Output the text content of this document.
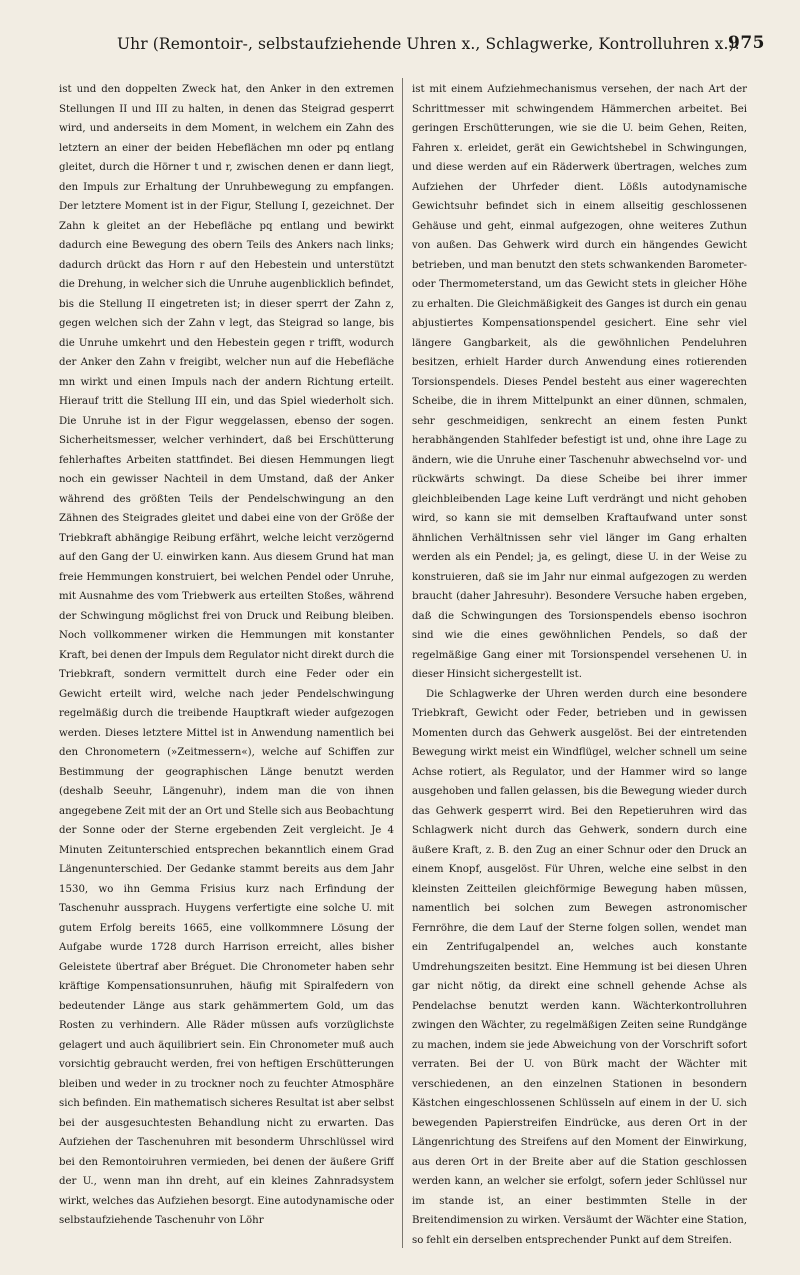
Uhr (Remontoir-, selbstaufziehende Uhren x., Schlagwerke, Kontrolluhren x.).
975

ist und den doppelten Zweck hat, den Anker in den extremen Stellungen II und III zu halten, in denen das Steigrad gesperrt wird, und anderseits in dem Moment, in welchem ein Zahn des letztern an einer der beiden Hebeflächen mn oder pq entlang gleitet, durch die Hörner t und r, zwischen denen er dann liegt, den Impuls zur Erhaltung der Unruhbewegung zu empfangen. Der letztere Moment ist in der Figur, Stellung I, gezeichnet. Der Zahn k gleitet an der Hebefläche pq entlang und bewirkt dadurch eine Bewegung des obern Teils des Ankers nach links; dadurch drückt das Horn r auf den Hebestein und unterstützt die Drehung, in welcher sich die Unruhe augenblicklich befindet, bis die Stellung II eingetreten ist; in dieser sperrt der Zahn z, gegen welchen sich der Zahn v legt, das Steigrad so lange, bis die Unruhe umkehrt und den Hebestein gegen r trifft, wodurch der Anker den Zahn v freigibt, welcher nun auf die Hebefläche mn wirkt und einen Impuls nach der andern Richtung erteilt. Hierauf tritt die Stellung III ein, und das Spiel wiederholt sich. Die Unruhe ist in der Figur weggelassen, ebenso der sogen. Sicherheitsmesser, welcher verhindert, daß bei Erschütterung fehlerhaftes Arbeiten stattfindet. Bei diesen Hemmungen liegt noch ein gewisser Nachteil in dem Umstand, daß der Anker während des größten Teils der Pendelschwingung an den Zähnen des Steigrades gleitet und dabei eine von der Größe der Triebkraft abhängige Reibung erfährt, welche leicht verzögernd auf den Gang der U. einwirken kann. Aus diesem Grund hat man freie Hemmungen konstruiert, bei welchen Pendel oder Unruhe, mit Ausnahme des vom Triebwerk aus erteilten Stoßes, während der Schwingung möglichst frei von Druck und Reibung bleiben. Noch vollkommener wirken die Hemmungen mit konstanter Kraft, bei denen der Impuls dem Regulator nicht direkt durch die Triebkraft, sondern vermittelt durch eine Feder oder ein Gewicht erteilt wird, welche nach jeder Pendelschwingung regelmäßig durch die treibende Hauptkraft wieder aufgezogen werden. Dieses letztere Mittel ist in Anwendung namentlich bei den Chronometern (»Zeitmessern«), welche auf Schiffen zur Bestimmung der geographischen Länge benutzt werden (deshalb Seeuhr, Längenuhr), indem man die von ihnen angegebene Zeit mit der an Ort und Stelle sich aus Beobachtung der Sonne oder der Sterne ergebenden Zeit vergleicht. Je 4 Minuten Zeitunterschied entsprechen bekanntlich einem Grad Längenunterschied. Der Gedanke stammt bereits aus dem Jahr 1530, wo ihn Gemma Frisius kurz nach Erfindung der Taschenuhr aussprach. Huygens verfertigte eine solche U. mit gutem Erfolg bereits 1665, eine vollkommnere Lösung der Aufgabe wurde 1728 durch Harrison erreicht, alles bisher Geleistete übertraf aber Bréguet. Die Chronometer haben sehr kräftige Kompensationsunruhen, häufig mit Spiralfedern von bedeutender Länge aus stark gehämmertem Gold, um das Rosten zu verhindern. Alle Räder müssen aufs vorzüglichste gelagert und auch äquilibriert sein. Ein Chronometer muß auch vorsichtig gebraucht werden, frei von heftigen Erschütterungen bleiben und weder in zu trockner noch zu feuchter Atmosphäre sich befinden. Ein mathematisch sicheres Resultat ist aber selbst bei der ausgesuchtesten Behandlung nicht zu erwarten. Das Aufziehen der Taschenuhren mit besonderm Uhrschlüssel wird bei den Remontoiruhren vermieden, bei denen der äußere Griff der U., wenn man ihn dreht, auf ein kleines Zahnradsystem wirkt, welches das Aufziehen besorgt. Eine autodynamische oder selbstaufziehende Taschenuhr von Löhr

ist mit einem Aufziehmechanismus versehen, der nach Art der Schrittmesser mit schwingendem Hämmerchen arbeitet. Bei geringen Erschütterungen, wie sie die U. beim Gehen, Reiten, Fahren x. erleidet, gerät ein Gewichtshebel in Schwingungen, und diese werden auf ein Räderwerk übertragen, welches zum Aufziehen der Uhrfeder dient. Lößls autodynamische Gewichtsuhr befindet sich in einem allseitig geschlossenen Gehäuse und geht, einmal aufgezogen, ohne weiteres Zuthun von außen. Das Gehwerk wird durch ein hängendes Gewicht betrieben, und man benutzt den stets schwankenden Barometer- oder Thermometerstand, um das Gewicht stets in gleicher Höhe zu erhalten. Die Gleichmäßigkeit des Ganges ist durch ein genau abjustiertes Kompensationspendel gesichert. Eine sehr viel längere Gangbarkeit, als die gewöhnlichen Pendeluhren besitzen, erhielt Harder durch Anwendung eines rotierenden Torsionspendels. Dieses Pendel besteht aus einer wagerechten Scheibe, die in ihrem Mittelpunkt an einer dünnen, schmalen, sehr geschmeidigen, senkrecht an einem festen Punkt herabhängenden Stahlfeder befestigt ist und, ohne ihre Lage zu ändern, wie die Unruhe einer Taschenuhr abwechselnd vor- und rückwärts schwingt. Da diese Scheibe bei ihrer immer gleichbleibenden Lage keine Luft verdrängt und nicht gehoben wird, so kann sie mit demselben Kraftaufwand unter sonst ähnlichen Verhältnissen sehr viel länger im Gang erhalten werden als ein Pendel; ja, es gelingt, diese U. in der Weise zu konstruieren, daß sie im Jahr nur einmal aufgezogen zu werden braucht (daher Jahresuhr). Besondere Versuche haben ergeben, daß die Schwingungen des Torsionspendels ebenso isochron sind wie die eines gewöhnlichen Pendels, so daß der regelmäßige Gang einer mit Torsionspendel versehenen U. in dieser Hinsicht sichergestellt ist.

Die Schlagwerke der Uhren werden durch eine besondere Triebkraft, Gewicht oder Feder, betrieben und in gewissen Momenten durch das Gehwerk ausgelöst. Bei der eintretenden Bewegung wirkt meist ein Windflügel, welcher schnell um seine Achse rotiert, als Regulator, und der Hammer wird so lange ausgehoben und fallen gelassen, bis die Bewegung wieder durch das Gehwerk gesperrt wird. Bei den Repetieruhren wird das Schlagwerk nicht durch das Gehwerk, sondern durch eine äußere Kraft, z. B. den Zug an einer Schnur oder den Druck an einem Knopf, ausgelöst. Für Uhren, welche eine selbst in den kleinsten Zeitteilen gleichförmige Bewegung haben müssen, namentlich bei solchen zum Bewegen astronomischer Fernröhre, die dem Lauf der Sterne folgen sollen, wendet man ein Zentrifugalpendel an, welches auch konstante Umdrehungszeiten besitzt. Eine Hemmung ist bei diesen Uhren gar nicht nötig, da direkt eine schnell gehende Achse als Pendelachse benutzt werden kann. Wächterkontrolluhren zwingen den Wächter, zu regelmäßigen Zeiten seine Rundgänge zu machen, indem sie jede Abweichung von der Vorschrift sofort verraten. Bei der U. von Bürk macht der Wächter mit verschiedenen, an den einzelnen Stationen in besondern Kästchen eingeschlossenen Schlüsseln auf einem in der U. sich bewegenden Papierstreifen Eindrücke, aus deren Ort in der Längenrichtung des Streifens auf den Moment der Einwirkung, aus deren Ort in der Breite aber auf die Station geschlossen werden kann, an welcher sie erfolgt, sofern jeder Schlüssel nur im stande ist, an einer bestimmten Stelle in der Breitendimension zu wirken. Versäumt der Wächter eine Station, so fehlt ein derselben entsprechender Punkt auf dem Streifen.
